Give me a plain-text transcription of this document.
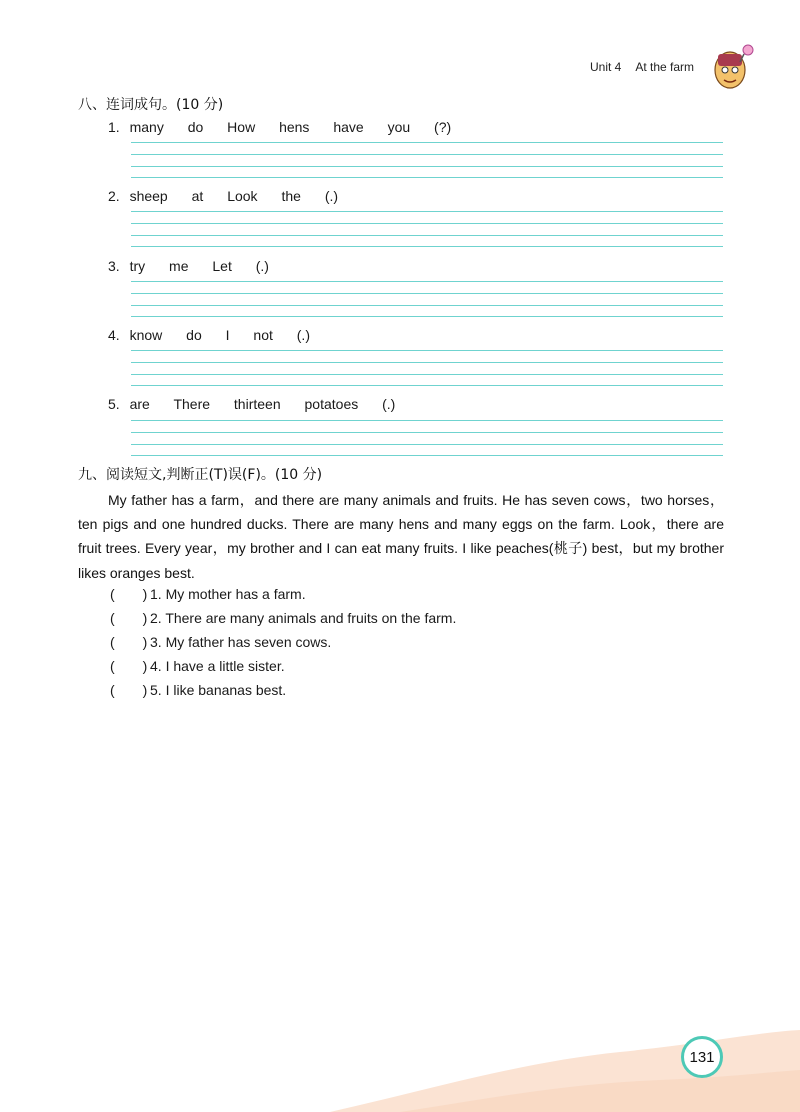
Unit 4 At the farm
八、连词成句。(10 分)
1. many do How hens have you (?)
2. sheep at Look the (.)
3. try me Let (.)
4. know do I not (.)
5. are There thirteen potatoes (.)
九、阅读短文,判断正(T)误(F)。(10 分)
My father has a farm，and there are many animals and fruits. He has seven cows，two horses，ten pigs and one hundred ducks. There are many hens and many eggs on the farm. Look，there are fruit trees. Every year，my brother and I can eat many fruits. I like peaches(桃子) best，but my brother likes oranges best.
( ) 1. My mother has a farm.
( ) 2. There are many animals and fruits on the farm.
( ) 3. My father has seven cows.
( ) 4. I have a little sister.
( ) 5. I like bananas best.
131
